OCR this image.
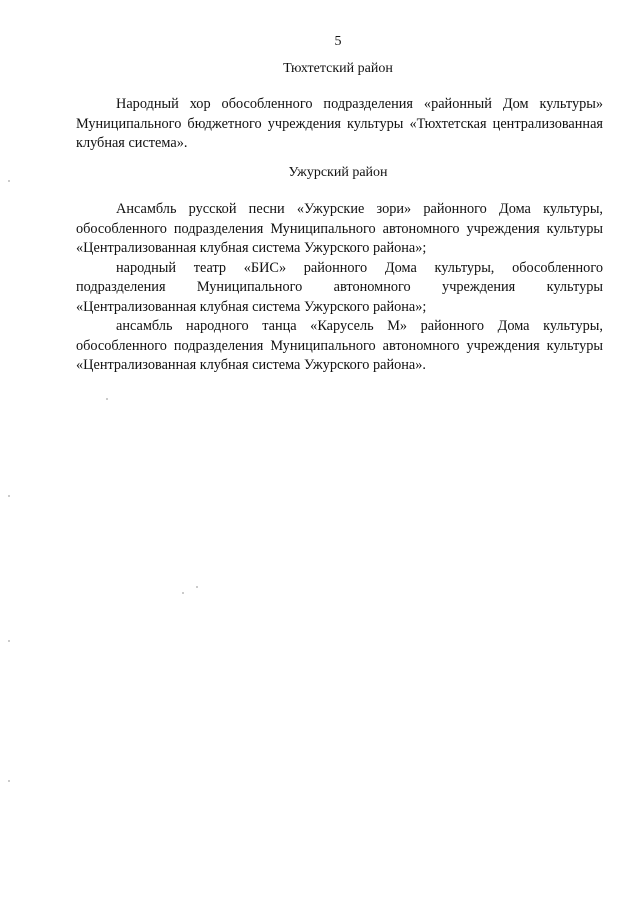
5
Тюхтетский район

Народный хор обособленного подразделения «районный Дом культуры» Муниципального бюджетного учреждения культуры «Тюхтетская централизованная клубная система».

Ужурский район

Ансамбль русской песни «Ужурские зори» районного Дома культуры, обособленного подразделения Муниципального автономного учреждения культуры «Централизованная клубная система Ужурского района»;

народный театр «БИС» районного Дома культуры, обособленного подразделения Муниципального автономного учреждения культуры «Централизованная клубная система Ужурского района»;

ансамбль народного танца «Карусель М» районного Дома культуры, обособленного подразделения Муниципального автономного учреждения культуры «Централизованная клубная система Ужурского района».
